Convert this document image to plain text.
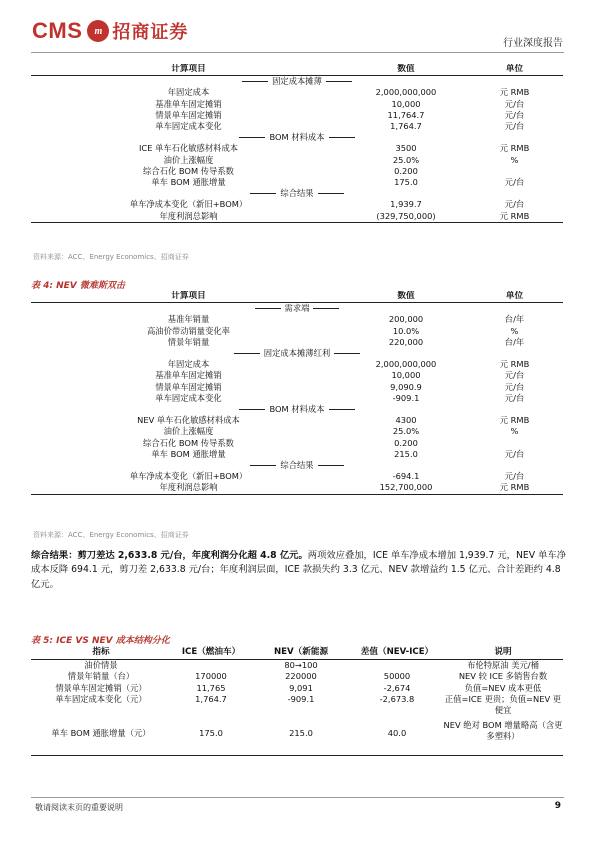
CMS	m 招商证券
行业深度报告
计算项目	数值	单位
固定成本摊薄		
年固定成本	2,000,000,000	元 RMB
基准单车固定摊销	10,000	元/台
情景单车固定摊销	11,764.7	元/台
单车固定成本变化	1,764.7	元/台
BOM 材料成本		
ICE 单车石化敏感材料成本	3500	元 RMB
油价上涨幅度	25.0%	%
综合石化 BOM 传导系数	0.200	
单车 BOM 通胀增量	175.0	元/台
综合结果		
单车净成本变化（新旧+BOM）	1,939.7	元/台
年度利润总影响	(329,750,000)	元 RMB
资料来源：ACC、Energy Economics、招商证券
表 4: NEV 微难斯双击
计算项目	数值	单位
需求端		
基准年销量	200,000	台/年
高油价带动销量变化率	10.0%	%
情景年销量	220,000	台/年
固定成本摊薄红利		
年固定成本	2,000,000,000	元 RMB
基准单车固定摊销	10,000	元/台
情景单车固定摊销	9,090.9	元/台
单车固定成本变化	-909.1	元/台
BOM 材料成本		
NEV 单车石化敏感材料成本	4300	元 RMB
油价上涨幅度	25.0%	%
综合石化 BOM 传导系数	0.200	
单车 BOM 通胀增量	215.0	元/台
综合结果		
单车净成本变化（新旧+BOM）	-694.1	元/台
年度利润总影响	152,700,000	元 RMB
资料来源：ACC、Energy Economics、招商证券
综合结果：剪刀差达 2,633.8 元/台，年度利润分化超 4.8 亿元。两项效应叠加，ICE 单车净成本增加 1,939.7 元，NEV 单车净成本反降 694.1 元，剪刀差 2,633.8 元/台；年度利润层面，ICE 款损失约 3.3 亿元、NEV 款增益约 1.5 亿元、合计差距约 4.8 亿元。
表 5: ICE VS NEV 成本结构分化
指标	ICE（燃油车）	NEV（新能源	差值（NEV-ICE）	说明
油价情景		80→100		布伦特原油 美元/桶
情景年销量（台）	170000	220000	50000	NEV 较 ICE 多销售台数
情景单车固定摊销（元）	11,765	9,091	-2,674	负值=NEV 成本更低
单车固定成本变化（元）	1,764.7	-909.1	-2,673.8	正值=ICE 更贵；负值=NEV 更便宜
单车 BOM 通胀增量（元）	175.0	215.0	40.0	NEV 绝对 BOM 增量略高（含更多塑料）
敬请阅读末页的重要说明	9
